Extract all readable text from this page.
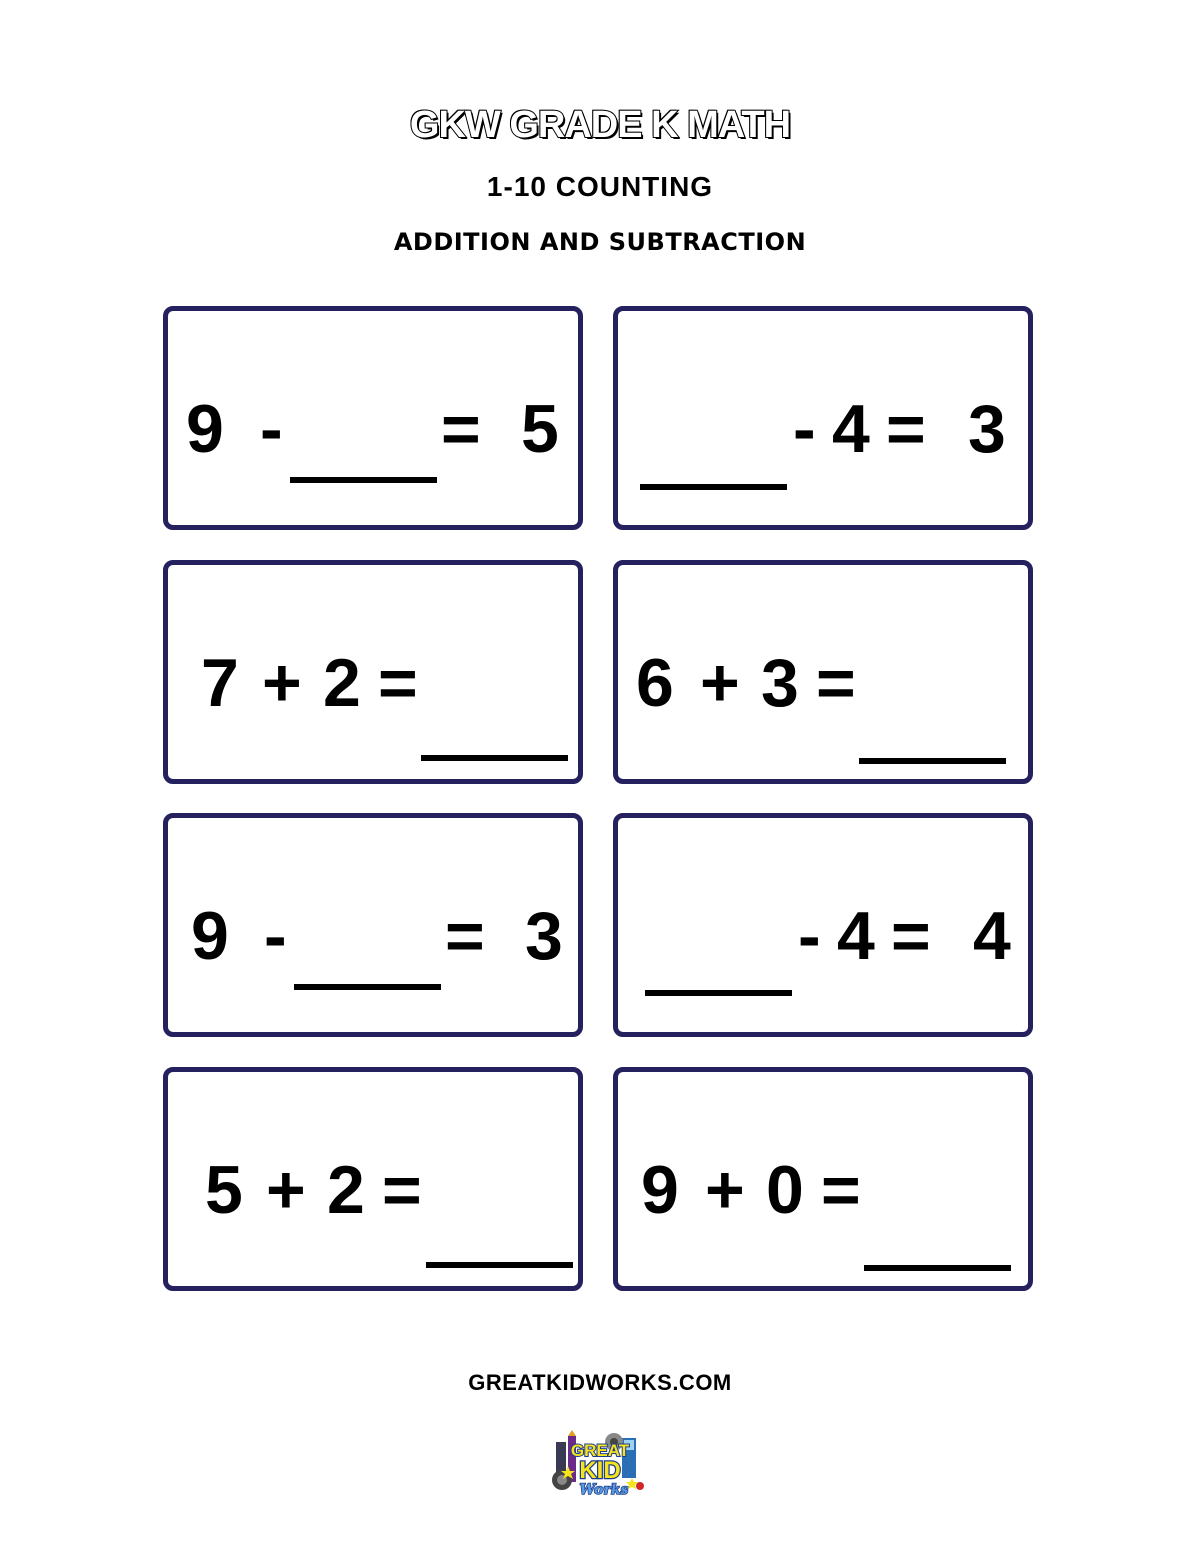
GKW GRADE K MATH
1-10 COUNTING
ADDITION AND SUBTRACTION
9 - = 5	- 4 = 3
7 + 2 =	6 + 3 =
9 - = 3	- 4 = 4
5 + 2 =	9 + 0 =
GREATKIDWORKS.COM
GREAT
KID
Works
